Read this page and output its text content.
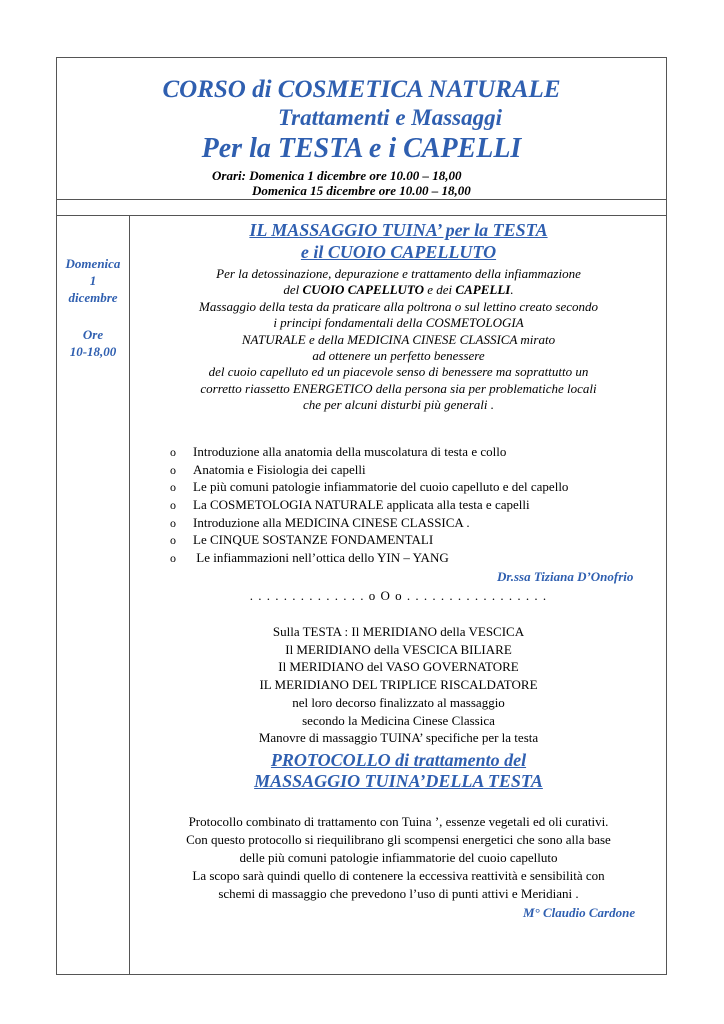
CORSO di COSMETICA NATURALE
Trattamenti e Massaggi
Per la TESTA e i CAPELLI
Orari: Domenica 1 dicembre ore 10.00 – 18,00
Domenica 15 dicembre ore 10.00 – 18,00
Domenica
1
dicembre
Ore
10-18,00
IL MASSAGGIO TUINA’ per la TESTA
e il CUOIO CAPELLUTO
Per la detossinazione, depurazione e trattamento della infiammazione
del CUOIO CAPELLUTO e dei CAPELLI.
Massaggio della testa da praticare alla poltrona o sul lettino creato secondo
i principi fondamentali della COSMETOLOGIA
NATURALE e della MEDICINA CINESE CLASSICA mirato
ad ottenere un perfetto benessere
del cuoio capelluto ed un piacevole senso di benessere ma soprattutto un
corretto riassetto ENERGETICO della persona sia per problematiche locali
che per alcuni disturbi più generali .
o Introduzione alla anatomia della muscolatura di testa e collo
o Anatomia e Fisiologia dei capelli
o Le più comuni patologie infiammatorie del cuoio capelluto e del capello
o La COSMETOLOGIA NATURALE applicata alla testa e capelli
o Introduzione alla MEDICINA CINESE CLASSICA .
o Le CINQUE SOSTANZE FONDAMENTALI
o Le infiammazioni nell’ottica dello YIN – YANG
Dr.ssa Tiziana D’Onofrio
. . . . . . . . . . . . . . o O o . . . . . . . . . . . . . . . . .
Sulla TESTA : Il MERIDIANO della VESCICA
Il MERIDIANO della VESCICA BILIARE
Il MERIDIANO del VASO GOVERNATORE
IL MERIDIANO DEL TRIPLICE RISCALDATORE
nel loro decorso finalizzato al massaggio
secondo la Medicina Cinese Classica
Manovre di massaggio TUINA’ specifiche per la testa
PROTOCOLLO di trattamento del
MASSAGGIO TUINA’DELLA TESTA
Protocollo combinato di trattamento con Tuina ’, essenze vegetali ed oli curativi.
Con questo protocollo si riequilibrano gli scompensi energetici che sono alla base
delle più comuni patologie infiammatorie del cuoio capelluto
La scopo sarà quindi quello di contenere la eccessiva reattività e sensibilità con
schemi di massaggio che prevedono l’uso di punti attivi e Meridiani .
M° Claudio Cardone
